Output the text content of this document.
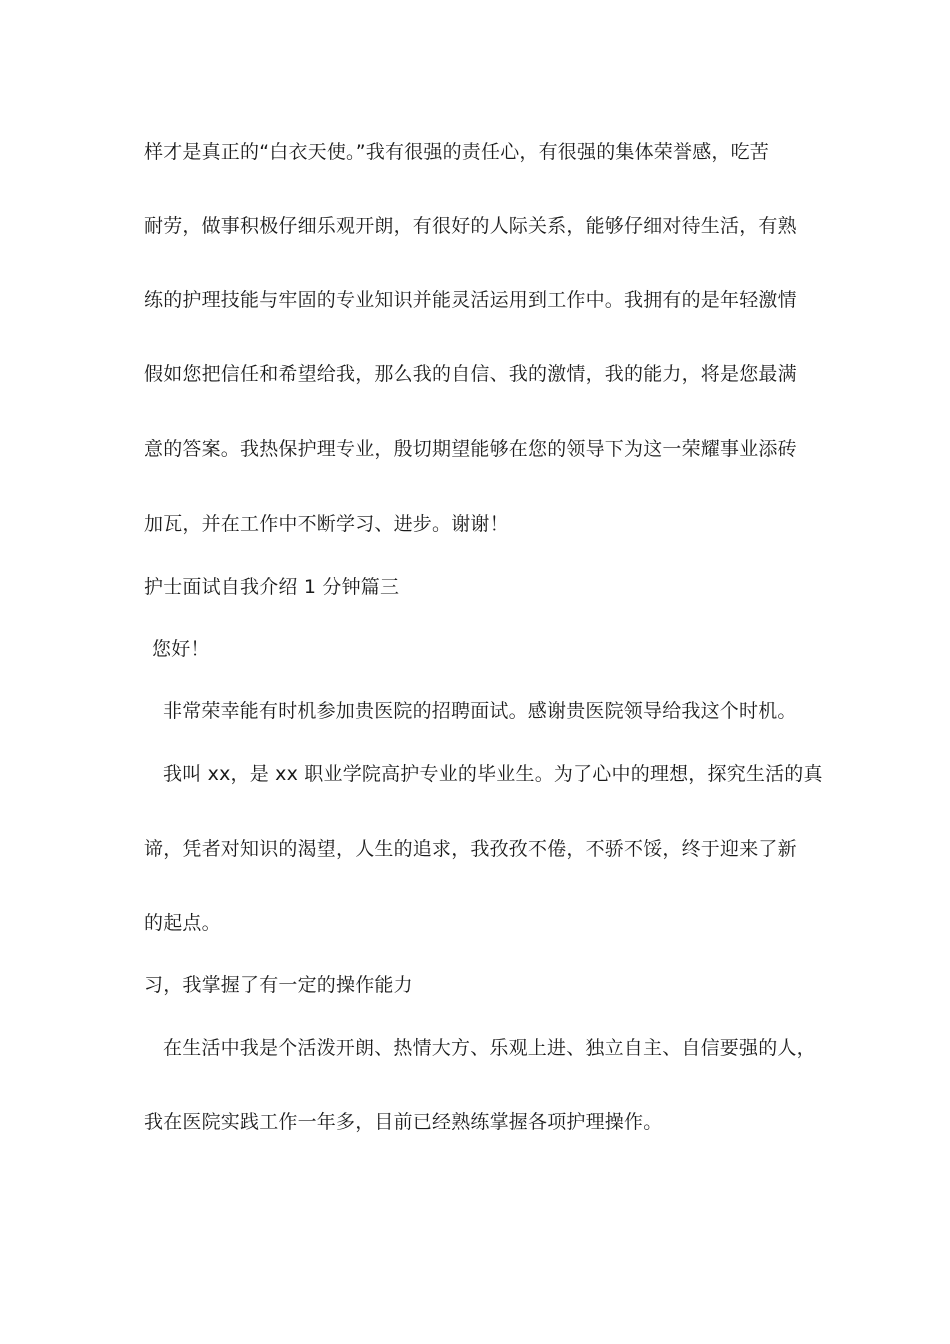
样才是真正的“白衣天使。”我有很强的责任心，有很强的集体荣誉感，吃苦
耐劳，做事积极仔细乐观开朗，有很好的人际关系，能够仔细对待生活，有熟
练的护理技能与牢固的专业知识并能灵活运用到工作中。我拥有的是年轻激情
假如您把信任和希望给我，那么我的自信、我的激情，我的能力，将是您最满
意的答案。我热保护理专业，殷切期望能够在您的领导下为这一荣耀事业添砖
加瓦，并在工作中不断学习、进步。谢谢！
护士面试自我介绍 1 分钟篇三
您好！
非常荣幸能有时机参加贵医院的招聘面试。感谢贵医院领导给我这个时机。
我叫 xx，是 xx 职业学院高护专业的毕业生。为了心中的理想，探究生活的真
谛，凭者对知识的渴望，人生的追求，我孜孜不倦，不骄不馁，终于迎来了新
的起点。
习，我掌握了有一定的操作能力
在生活中我是个活泼开朗、热情大方、乐观上进、独立自主、自信要强的人，
我在医院实践工作一年多，目前已经熟练掌握各项护理操作。
